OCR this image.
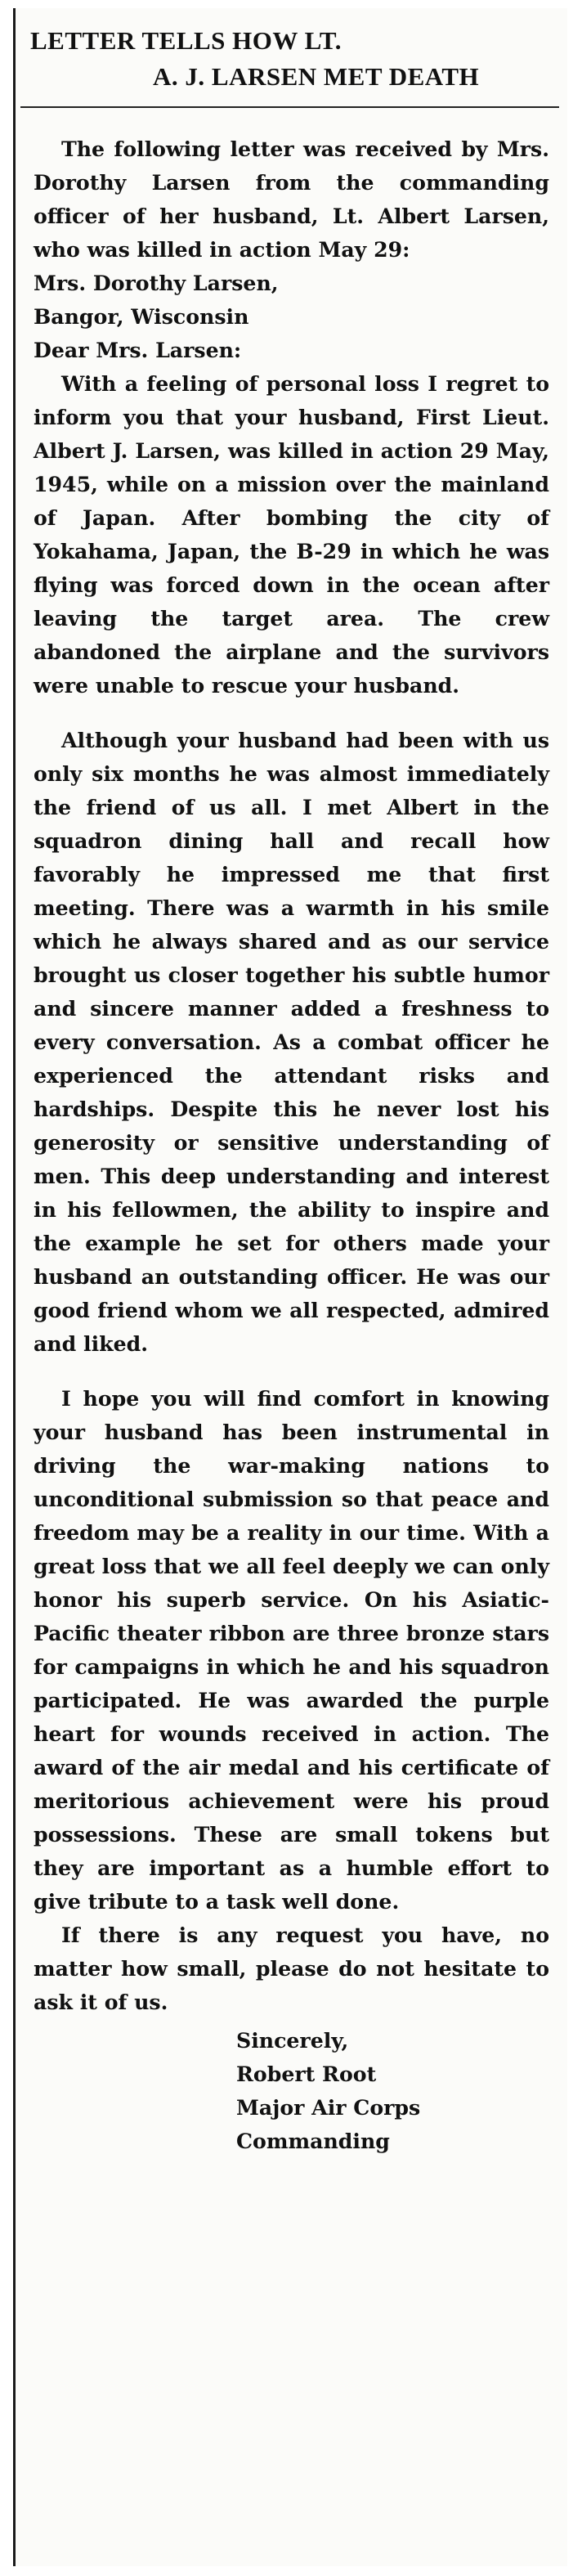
LETTER TELLS HOW LT.
A. J. LARSEN MET DEATH

The following letter was received by Mrs. Dorothy Larsen from the commanding officer of her husband, Lt. Albert Larsen, who was killed in action May 29:

Mrs. Dorothy Larsen,

Bangor, Wisconsin

Dear Mrs. Larsen:

With a feeling of personal loss I regret to inform you that your husband, First Lieut. Albert J. Larsen, was killed in action 29 May, 1945, while on a mission over the mainland of Japan. After bombing the city of Yokahama, Japan, the B-29 in which he was flying was forced down in the ocean after leaving the target area. The crew abandoned the airplane and the survivors were unable to rescue your husband.

Although your husband had been with us only six months he was almost immediately the friend of us all. I met Albert in the squadron dining hall and recall how favorably he impressed me that first meeting. There was a warmth in his smile which he always shared and as our service brought us closer together his subtle humor and sincere manner added a freshness to every conversation. As a combat officer he experienced the attendant risks and hardships. Despite this he never lost his generosity or sensitive understanding of men. This deep understanding and interest in his fellowmen, the ability to inspire and the example he set for others made your husband an outstanding officer. He was our good friend whom we all respected, admired and liked.

I hope you will find comfort in knowing your husband has been instrumental in driving the war-making nations to unconditional submission so that peace and freedom may be a reality in our time. With a great loss that we all feel deeply we can only honor his superb service. On his Asiatic-Pacific theater ribbon are three bronze stars for campaigns in which he and his squadron participated. He was awarded the purple heart for wounds received in action. The award of the air medal and his certificate of meritorious achievement were his proud possessions. These are small tokens but they are important as a humble effort to give tribute to a task well done.

If there is any request you have, no matter how small, please do not hesitate to ask it of us.

Sincerely,
Robert Root
Major Air Corps
Commanding
